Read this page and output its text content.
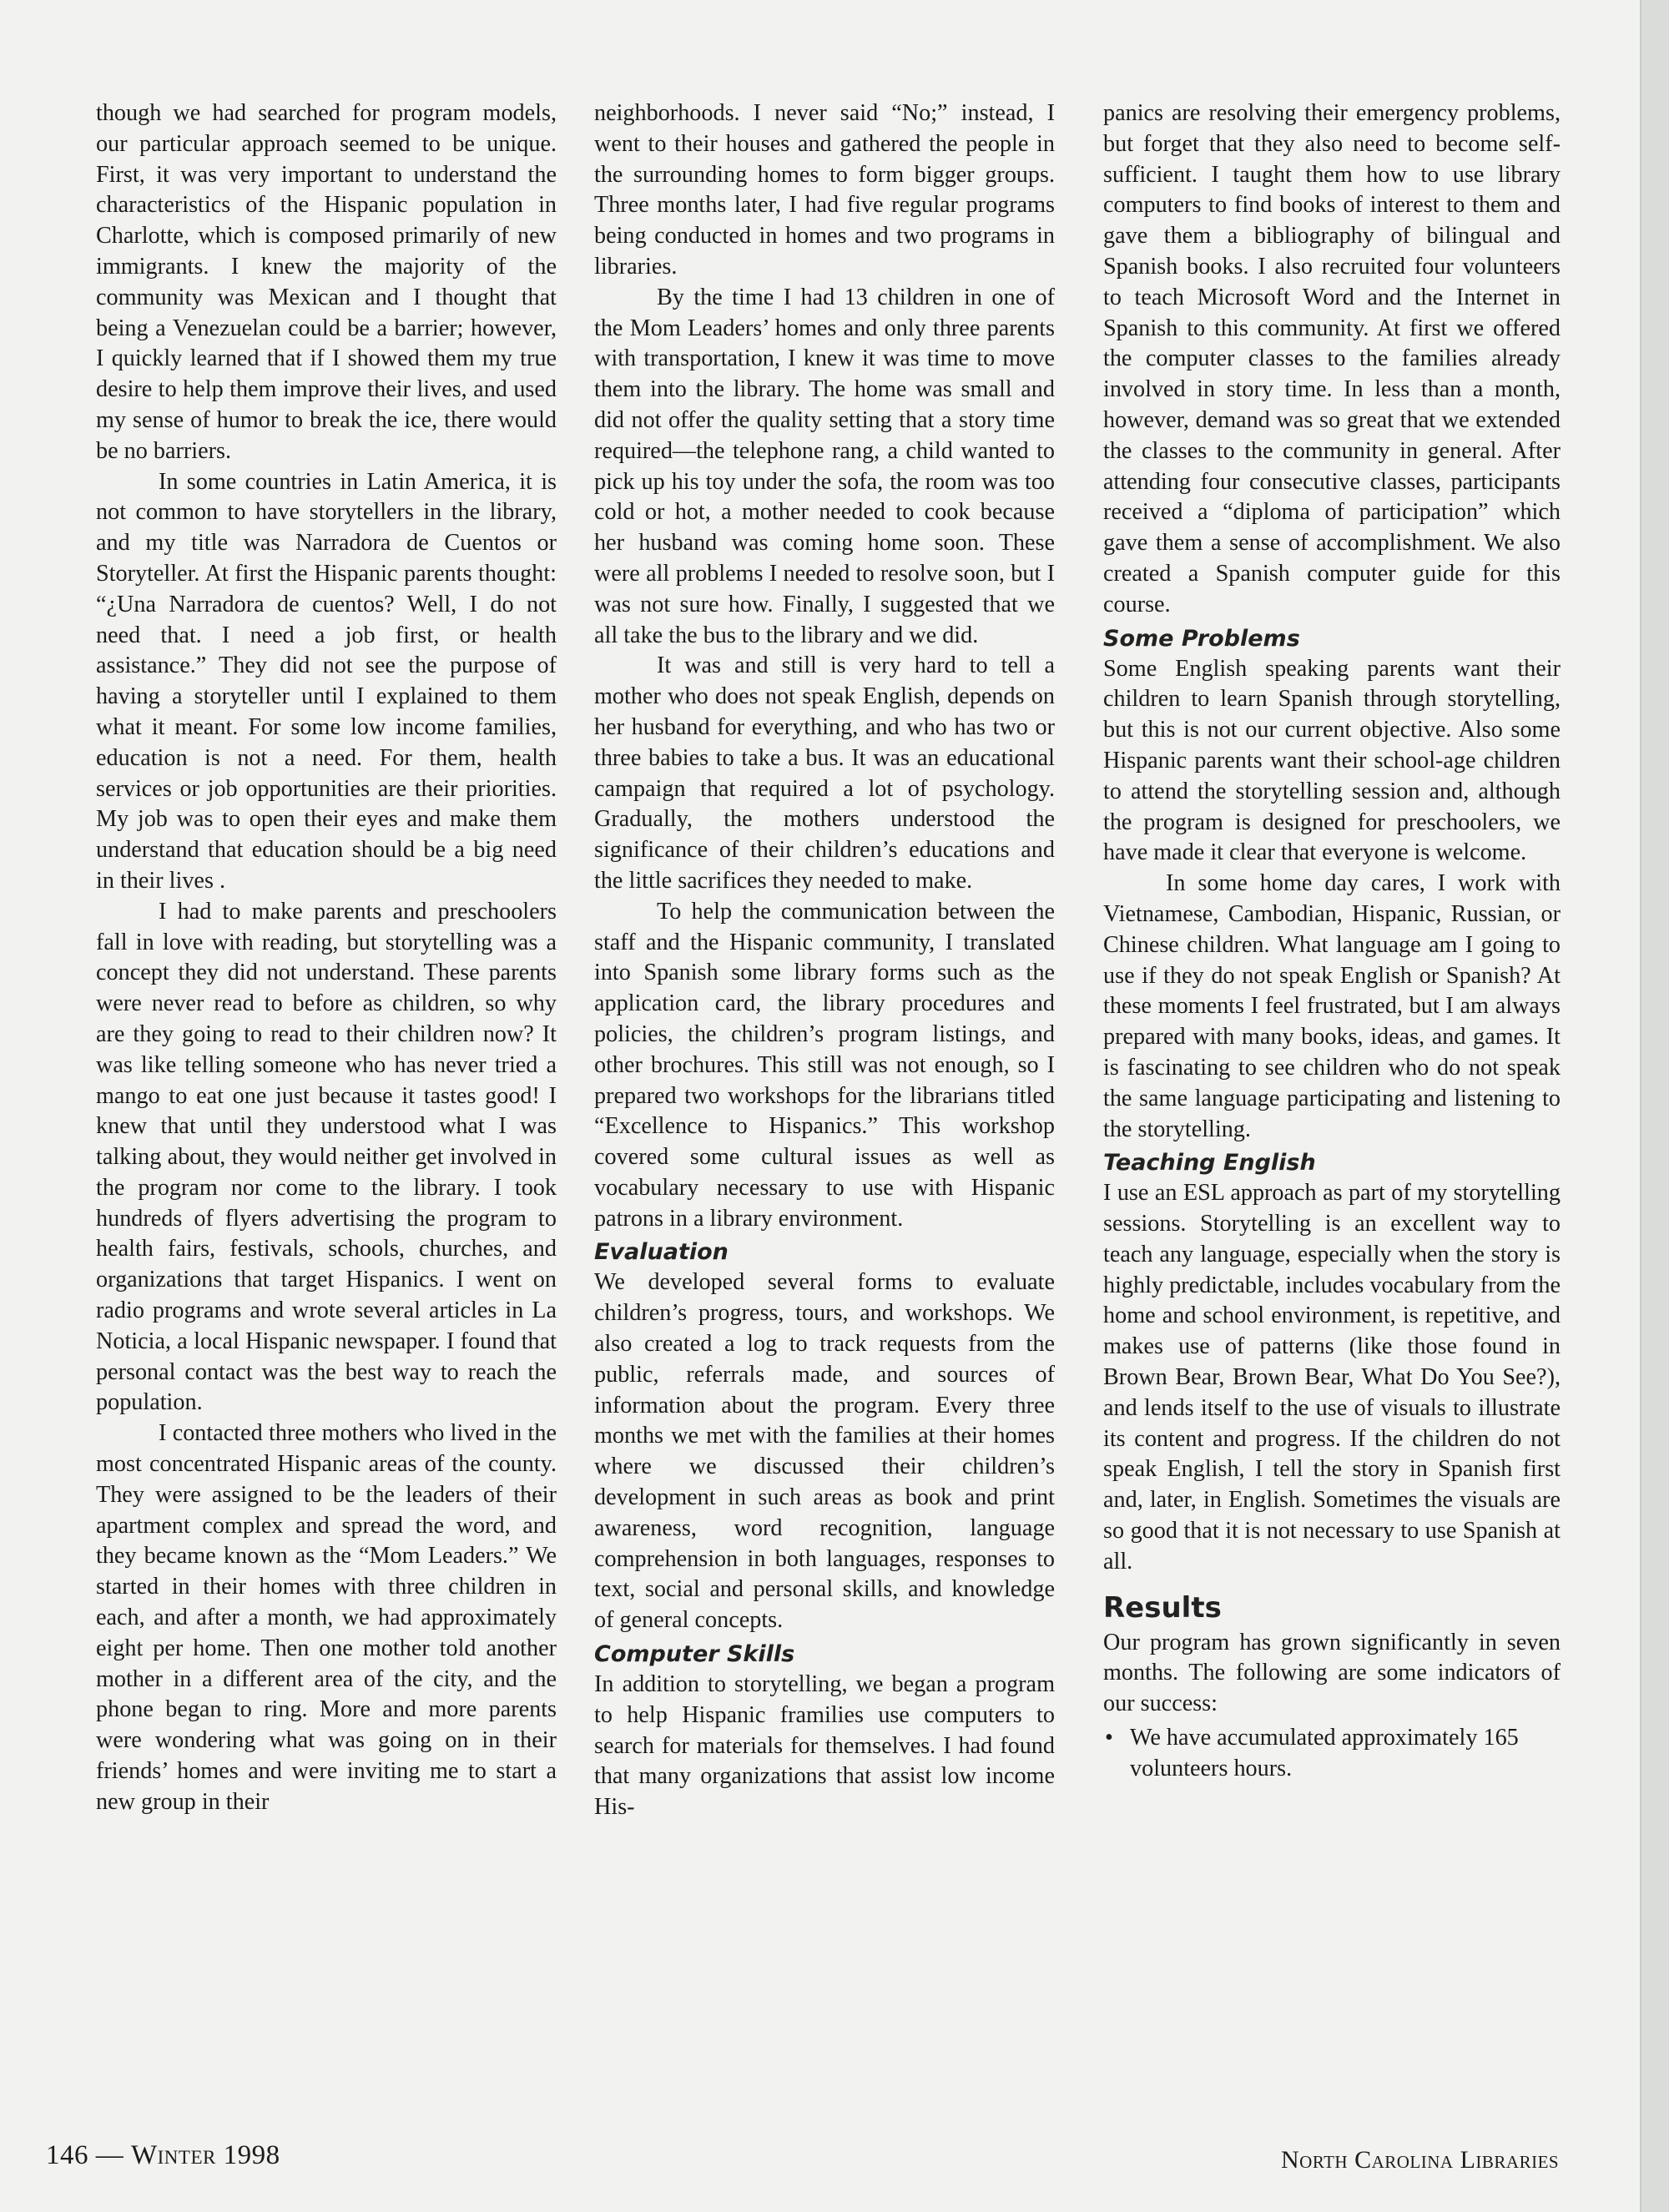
though we had searched for program models, our particular approach seemed to be unique. First, it was very important to understand the characteristics of the Hispanic population in Charlotte, which is composed primarily of new immigrants. I knew the majority of the community was Mexican and I thought that being a Venezuelan could be a barrier; however, I quickly learned that if I showed them my true desire to help them improve their lives, and used my sense of humor to break the ice, there would be no barriers.

In some countries in Latin America, it is not common to have storytellers in the library, and my title was Narradora de Cuentos or Storyteller. At first the Hispanic parents thought: “¿Una Narradora de cuentos? Well, I do not need that. I need a job first, or health assistance.” They did not see the purpose of having a storyteller until I explained to them what it meant. For some low income families, education is not a need. For them, health services or job opportunities are their priorities. My job was to open their eyes and make them understand that education should be a big need in their lives .

I had to make parents and preschoolers fall in love with reading, but storytelling was a concept they did not understand. These parents were never read to before as children, so why are they going to read to their children now? It was like telling someone who has never tried a mango to eat one just because it tastes good! I knew that until they understood what I was talking about, they would neither get involved in the program nor come to the library. I took hundreds of flyers advertising the program to health fairs, festivals, schools, churches, and organizations that target Hispanics. I went on radio programs and wrote several articles in La Noticia, a local Hispanic newspaper. I found that personal contact was the best way to reach the population.

I contacted three mothers who lived in the most concentrated Hispanic areas of the county. They were assigned to be the leaders of their apartment complex and spread the word, and they became known as the “Mom Leaders.” We started in their homes with three children in each, and after a month, we had approximately eight per home. Then one mother told another mother in a different area of the city, and the phone began to ring. More and more parents were wondering what was going on in their friends’ homes and were inviting me to start a new group in their

neighborhoods. I never said “No;” instead, I went to their houses and gathered the people in the surrounding homes to form bigger groups. Three months later, I had five regular programs being conducted in homes and two programs in libraries.

By the time I had 13 children in one of the Mom Leaders’ homes and only three parents with transportation, I knew it was time to move them into the library. The home was small and did not offer the quality setting that a story time required—the telephone rang, a child wanted to pick up his toy under the sofa, the room was too cold or hot, a mother needed to cook because her husband was coming home soon. These were all problems I needed to resolve soon, but I was not sure how. Finally, I suggested that we all take the bus to the library and we did.

It was and still is very hard to tell a mother who does not speak English, depends on her husband for everything, and who has two or three babies to take a bus. It was an educational campaign that required a lot of psychology. Gradually, the mothers understood the significance of their children’s educations and the little sacrifices they needed to make.

To help the communication between the staff and the Hispanic community, I translated into Spanish some library forms such as the application card, the library procedures and policies, the children’s program listings, and other brochures. This still was not enough, so I prepared two workshops for the librarians titled “Excellence to Hispanics.” This workshop covered some cultural issues as well as vocabulary necessary to use with Hispanic patrons in a library environment.

Evaluation

We developed several forms to evaluate children’s progress, tours, and workshops. We also created a log to track requests from the public, referrals made, and sources of information about the program. Every three months we met with the families at their homes where we discussed their children’s development in such areas as book and print awareness, word recognition, language comprehension in both languages, responses to text, social and personal skills, and knowledge of general concepts.

Computer Skills

In addition to storytelling, we began a program to help Hispanic framilies use computers to search for materials for themselves. I had found that many organizations that assist low income His-

panics are resolving their emergency problems, but forget that they also need to become self-sufficient. I taught them how to use library computers to find books of interest to them and gave them a bibliography of bilingual and Spanish books. I also recruited four volunteers to teach Microsoft Word and the Internet in Spanish to this community. At first we offered the computer classes to the families already involved in story time. In less than a month, however, demand was so great that we extended the classes to the community in general. After attending four consecutive classes, participants received a “diploma of participation” which gave them a sense of accomplishment. We also created a Spanish computer guide for this course.

Some Problems

Some English speaking parents want their children to learn Spanish through storytelling, but this is not our current objective. Also some Hispanic parents want their school-age children to attend the storytelling session and, although the program is designed for preschoolers, we have made it clear that everyone is welcome.

In some home day cares, I work with Vietnamese, Cambodian, Hispanic, Russian, or Chinese children. What language am I going to use if they do not speak English or Spanish? At these moments I feel frustrated, but I am always prepared with many books, ideas, and games. It is fascinating to see children who do not speak the same language participating and listening to the storytelling.

Teaching English

I use an ESL approach as part of my storytelling sessions. Storytelling is an excellent way to teach any language, especially when the story is highly predictable, includes vocabulary from the home and school environment, is repetitive, and makes use of patterns (like those found in Brown Bear, Brown Bear, What Do You See?), and lends itself to the use of visuals to illustrate its content and progress. If the children do not speak English, I tell the story in Spanish first and, later, in English. Sometimes the visuals are so good that it is not necessary to use Spanish at all.

Results

Our program has grown significantly in seven months. The following are some indicators of our success:

• We have accumulated approximately 165 volunteers hours.
146 — Winter 1998	North Carolina Libraries
